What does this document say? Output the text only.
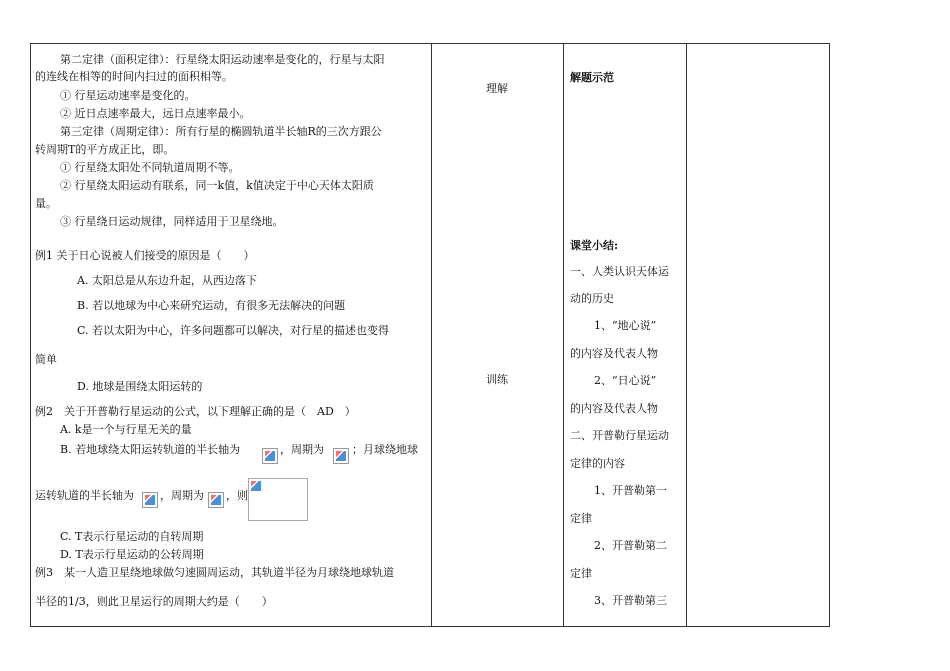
第二定律（面积定律）：行星绕太阳运动速率是变化的，行星与太阳
的连线在相等的时间内扫过的面积相等。
① 行星运动速率是变化的。
② 近日点速率最大，远日点速率最小。
第三定律（周期定律）：所有行星的椭圆轨道半长轴R的三次方跟公
转周期T的平方成正比，即。
① 行星绕太阳处不同轨道周期不等。
② 行星绕太阳运动有联系，同一k值，k值决定于中心天体太阳质
量。
③ 行星绕日运动规律，同样适用于卫星绕地。
例1 关于日心说被人们接受的原因是（　　）
A. 太阳总是从东边升起，从西边落下
B. 若以地球为中心来研究运动，有很多无法解决的问题
C. 若以太阳为中心，许多问题都可以解决，对行星的描述也变得
简单
D. 地球是围绕太阳运转的
例2　关于开普勒行星运动的公式，以下理解正确的是（　AD　）
A. k是一个与行星无关的量
B. 若地球绕太阳运转轨道的半长轴为	，周期为	；月球绕地球
运转轨道的半长轴为 ，周期为 ，则
C. T表示行星运动的自转周期
D. T表示行星运动的公转周期
例3　某一人造卫星绕地球做匀速圆周运动，其轨道半径为月球绕地球轨道
半径的1/3，则此卫星运行的周期大约是（　　）
理解
训练
解题示范
课堂小结:
一、人类认识天体运
动的历史
1、“地心说”
的内容及代表人物
2、“日心说”
的内容及代表人物
二、开普勒行星运动
定律的内容
1、开普勒第一
定律
2、开普勒第二
定律
3、开普勒第三
